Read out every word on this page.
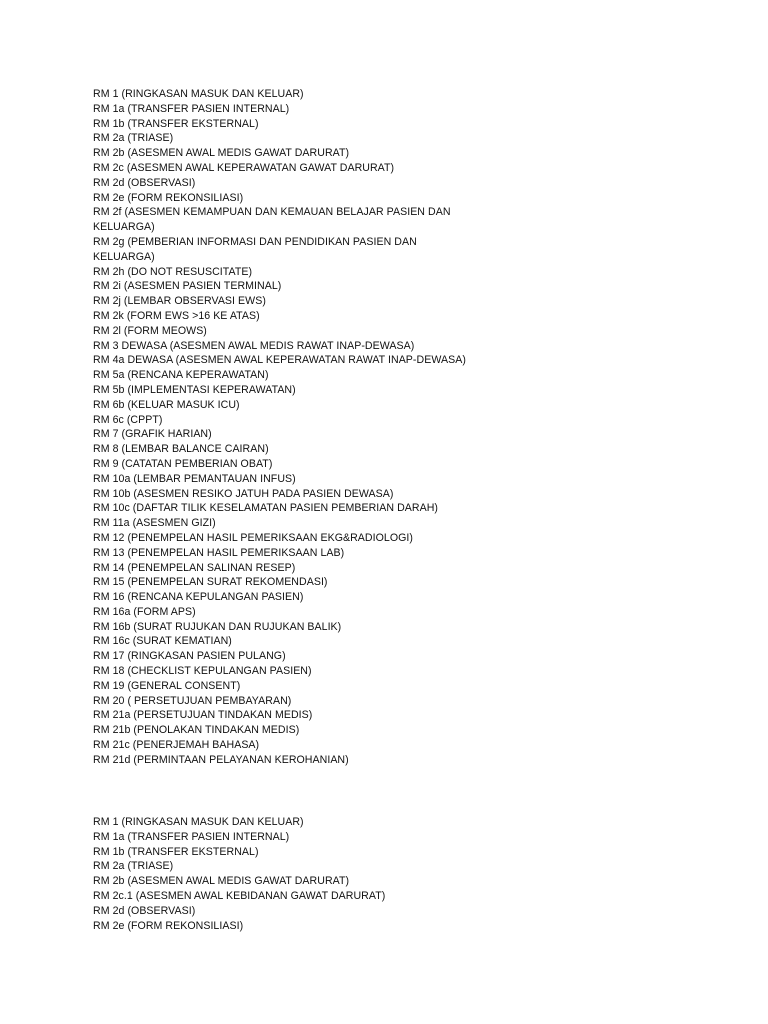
RM 1 (RINGKASAN MASUK DAN KELUAR)
RM 1a (TRANSFER PASIEN INTERNAL)
RM 1b (TRANSFER EKSTERNAL)
RM 2a (TRIASE)
RM 2b (ASESMEN AWAL MEDIS GAWAT DARURAT)
RM 2c (ASESMEN AWAL KEPERAWATAN GAWAT DARURAT)
RM 2d (OBSERVASI)
RM 2e (FORM REKONSILIASI)
RM 2f (ASESMEN KEMAMPUAN DAN KEMAUAN BELAJAR PASIEN DAN KELUARGA)
RM 2g (PEMBERIAN INFORMASI DAN PENDIDIKAN PASIEN DAN KELUARGA)
RM 2h (DO NOT RESUSCITATE)
RM 2i (ASESMEN PASIEN TERMINAL)
RM 2j (LEMBAR OBSERVASI EWS)
RM 2k (FORM EWS >16 KE ATAS)
RM 2l (FORM MEOWS)
RM 3 DEWASA (ASESMEN AWAL MEDIS RAWAT INAP-DEWASA)
RM 4a DEWASA (ASESMEN AWAL KEPERAWATAN RAWAT INAP-DEWASA)
RM 5a (RENCANA KEPERAWATAN)
RM 5b (IMPLEMENTASI KEPERAWATAN)
RM 6b (KELUAR MASUK ICU)
RM 6c (CPPT)
RM 7 (GRAFIK HARIAN)
RM 8 (LEMBAR BALANCE CAIRAN)
RM 9 (CATATAN PEMBERIAN OBAT)
RM 10a (LEMBAR PEMANTAUAN INFUS)
RM 10b (ASESMEN RESIKO JATUH PADA PASIEN DEWASA)
RM 10c (DAFTAR TILIK KESELAMATAN PASIEN PEMBERIAN DARAH)
RM 11a (ASESMEN GIZI)
RM 12 (PENEMPELAN HASIL PEMERIKSAAN EKG&RADIOLOGI)
RM 13 (PENEMPELAN HASIL PEMERIKSAAN LAB)
RM 14 (PENEMPELAN SALINAN RESEP)
RM 15 (PENEMPELAN SURAT REKOMENDASI)
RM 16 (RENCANA KEPULANGAN PASIEN)
RM 16a (FORM APS)
RM 16b (SURAT RUJUKAN DAN RUJUKAN BALIK)
RM 16c (SURAT KEMATIAN)
RM 17 (RINGKASAN PASIEN PULANG)
RM 18 (CHECKLIST KEPULANGAN PASIEN)
RM 19 (GENERAL CONSENT)
RM 20 ( PERSETUJUAN PEMBAYARAN)
RM 21a (PERSETUJUAN TINDAKAN MEDIS)
RM 21b (PENOLAKAN TINDAKAN MEDIS)
RM 21c (PENERJEMAH BAHASA)
RM 21d (PERMINTAAN PELAYANAN KEROHANIAN)
RM 1 (RINGKASAN MASUK DAN KELUAR)
RM 1a (TRANSFER PASIEN INTERNAL)
RM 1b (TRANSFER EKSTERNAL)
RM 2a (TRIASE)
RM 2b (ASESMEN AWAL MEDIS GAWAT DARURAT)
RM 2c.1 (ASESMEN AWAL KEBIDANAN GAWAT DARURAT)
RM 2d (OBSERVASI)
RM 2e (FORM REKONSILIASI)
